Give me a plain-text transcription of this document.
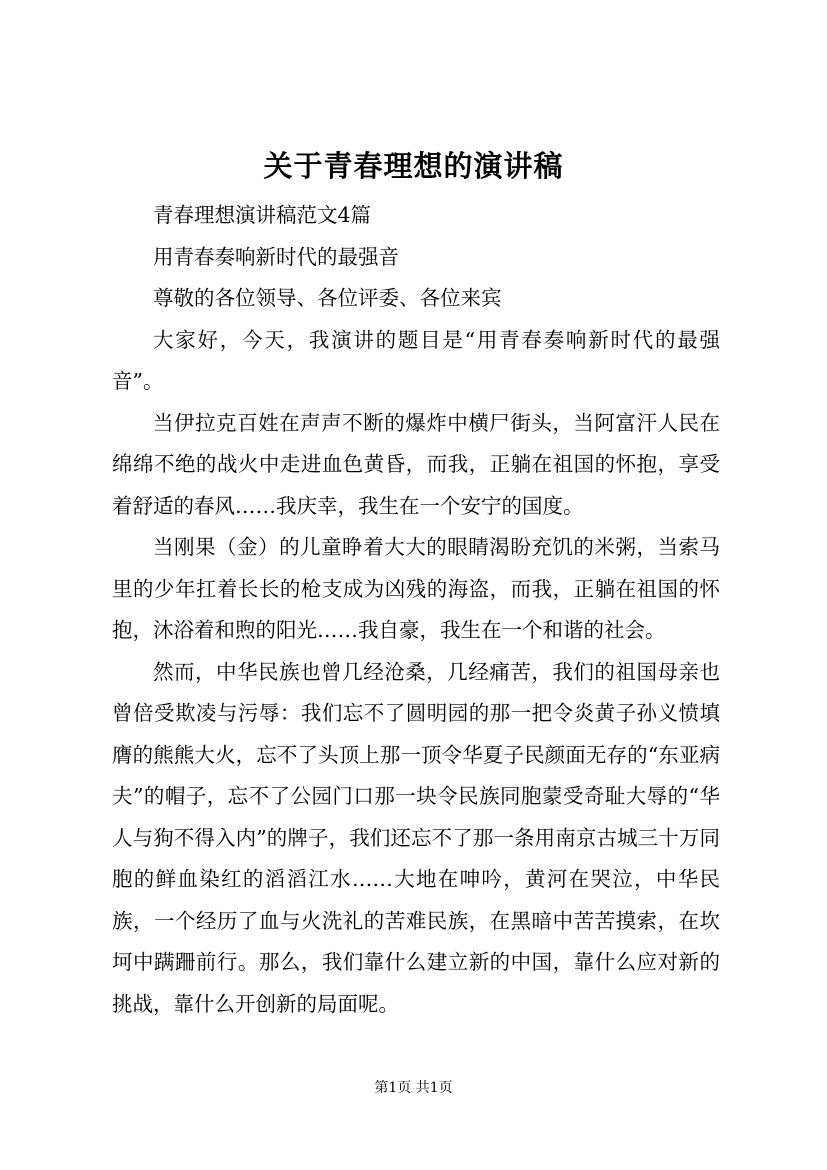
关于青春理想的演讲稿

青春理想演讲稿范文4篇

用青春奏响新时代的最强音

尊敬的各位领导、各位评委、各位来宾

大家好，今天，我演讲的题目是“用青春奏响新时代的最强音”。

当伊拉克百姓在声声不断的爆炸中横尸街头，当阿富汗人民在绵绵不绝的战火中走进血色黄昏，而我，正躺在祖国的怀抱，享受着舒适的春风……我庆幸，我生在一个安宁的国度。

当刚果（金）的儿童睁着大大的眼睛渴盼充饥的米粥，当索马里的少年扛着长长的枪支成为凶残的海盗，而我，正躺在祖国的怀抱，沐浴着和煦的阳光……我自豪，我生在一个和谐的社会。

然而，中华民族也曾几经沧桑，几经痛苦，我们的祖国母亲也曾倍受欺凌与污辱：我们忘不了圆明园的那一把令炎黄子孙义愤填膺的熊熊大火，忘不了头顶上那一顶令华夏子民颜面无存的“东亚病夫”的帽子，忘不了公园门口那一块令民族同胞蒙受奇耻大辱的“华人与狗不得入内”的牌子，我们还忘不了那一条用南京古城三十万同胞的鲜血染红的滔滔江水……大地在呻吟，黄河在哭泣，中华民族，一个经历了血与火洗礼的苦难民族，在黑暗中苦苦摸索，在坎坷中蹒跚前行。那么，我们靠什么建立新的中国，靠什么应对新的挑战，靠什么开创新的局面呢。

第1页 共1页
